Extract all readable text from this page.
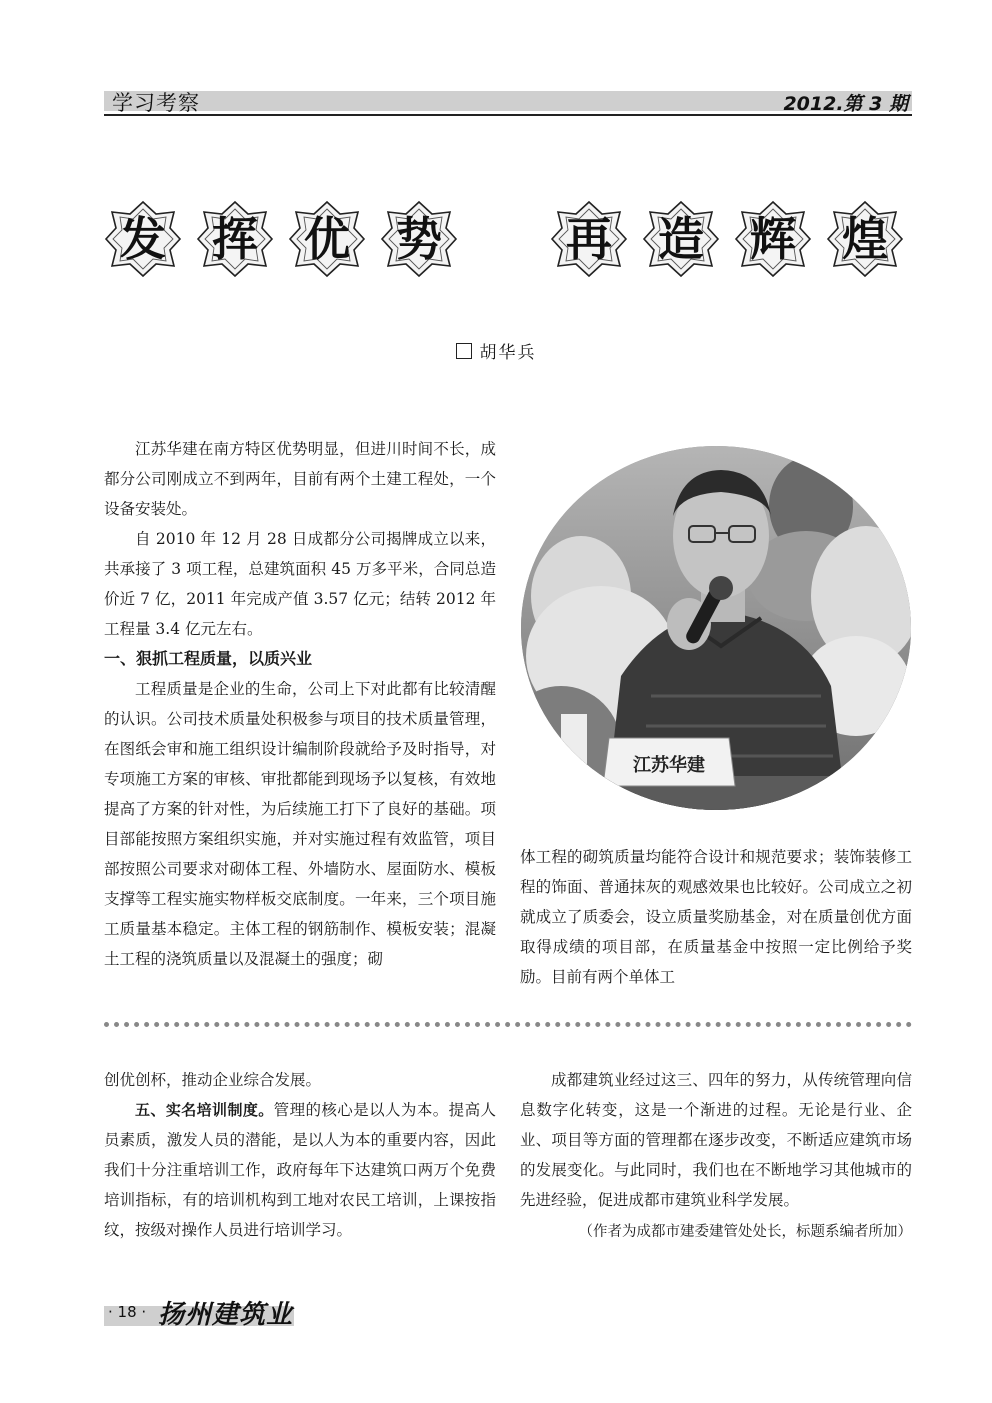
学习考察	2012.第 3 期
发 挥 优 势	再 造 辉 煌
胡华兵

江苏华建在南方特区优势明显，但进川时间不长，成都分公司刚成立不到两年，目前有两个土建工程处，一个设备安装处。

自 2010 年 12 月 28 日成都分公司揭牌成立以来，共承接了 3 项工程，总建筑面积 45 万多平米，合同总造价近 7 亿，2011 年完成产值 3.57 亿元；结转 2012 年工程量 3.4 亿元左右。

一、狠抓工程质量，以质兴业

工程质量是企业的生命，公司上下对此都有比较清醒的认识。公司技术质量处积极参与项目的技术质量管理，在图纸会审和施工组织设计编制阶段就给予及时指导，对专项施工方案的审核、审批都能到现场予以复核，有效地提高了方案的针对性，为后续施工打下了良好的基础。项目部能按照方案组织实施，并对实施过程有效监管，项目部按照公司要求对砌体工程、外墙防水、屋面防水、模板支撑等工程实施实物样板交底制度。一年来，三个项目施工质量基本稳定。主体工程的钢筋制作、模板安装；混凝土工程的浇筑质量以及混凝土的强度；砌

江苏华建

体工程的砌筑质量均能符合设计和规范要求；装饰装修工程的饰面、普通抹灰的观感效果也比较好。公司成立之初就成立了质委会，设立质量奖励基金，对在质量创优方面取得成绩的项目部，在质量基金中按照一定比例给予奖励。目前有两个单体工

创优创杯，推动企业综合发展。

五、实名培训制度。管理的核心是以人为本。提高人员素质，激发人员的潜能，是以人为本的重要内容，因此我们十分注重培训工作，政府每年下达建筑口两万个免费培训指标，有的培训机构到工地对农民工培训，上课按指纹，按级对操作人员进行培训学习。

成都建筑业经过这三、四年的努力，从传统管理向信息数字化转变，这是一个渐进的过程。无论是行业、企业、项目等方面的管理都在逐步改变，不断适应建筑市场的发展变化。与此同时，我们也在不断地学习其他城市的先进经验，促进成都市建筑业科学发展。

（作者为成都市建委建管处处长，标题系编者所加）
· 18 · 扬州建筑业
